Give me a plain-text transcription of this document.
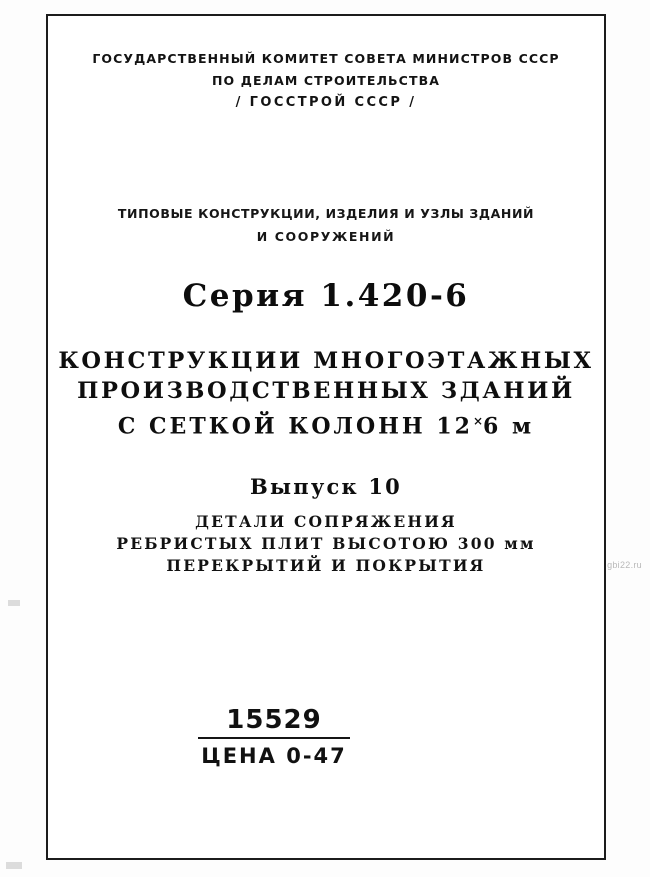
ГОСУДАРСТВЕННЫЙ КОМИТЕТ СОВЕТА МИНИСТРОВ СССР
ПО ДЕЛАМ СТРОИТЕЛЬСТВА
/ ГОССТРОЙ СССР /
ТИПОВЫЕ КОНСТРУКЦИИ, ИЗДЕЛИЯ И УЗЛЫ ЗДАНИЙ
И СООРУЖЕНИЙ
Серия 1.420-6
КОНСТРУКЦИИ МНОГОЭТАЖНЫХ
ПРОИЗВОДСТВЕННЫХ ЗДАНИЙ
С СЕТКОЙ КОЛОНН 12×6 м
Выпуск 10
ДЕТАЛИ СОПРЯЖЕНИЯ
РЕБРИСТЫХ ПЛИТ ВЫСОТОЮ 300 мм
ПЕРЕКРЫТИЙ И ПОКРЫТИЯ
15529
ЦЕНА 0-47
gbi22.ru
